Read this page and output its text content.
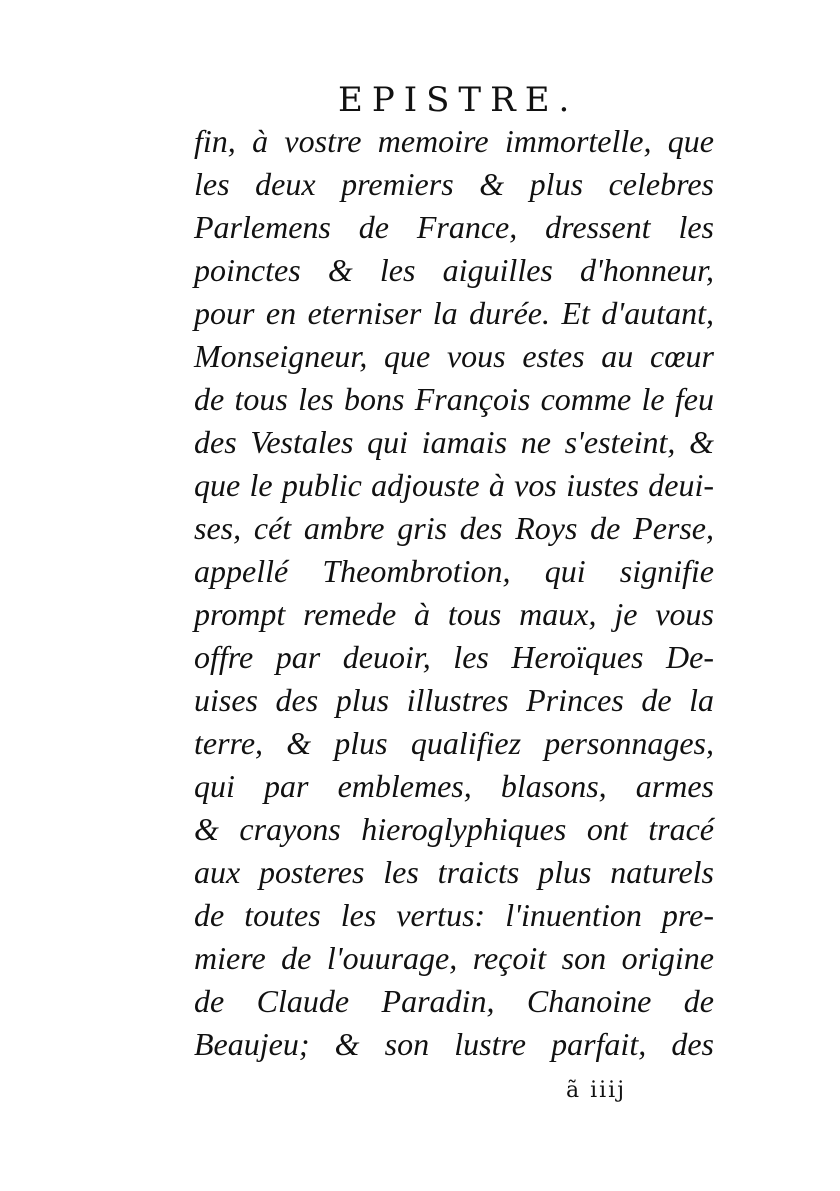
EPISTRE.
fin, à vostre memoire immortelle, que
les deux premiers & plus celebres
Parlemens de France, dressent les
poinctes & les aiguilles d'honneur,
pour en eterniser la durée. Et d'autant,
Monseigneur, que vous estes au cœur
de tous les bons François comme le feu
des Vestales qui iamais ne s'esteint, &
que le public adjouste à vos iustes deui-
ses, cét ambre gris des Roys de Perse,
appellé Theombrotion, qui signifie
prompt remede à tous maux, je vous
offre par deuoir, les Heroïques De-
uises des plus illustres Princes de la
terre, & plus qualifiez personnages,
qui par emblemes, blasons, armes
& crayons hieroglyphiques ont tracé
aux posteres les traicts plus naturels
de toutes les vertus: l'inuention pre-
miere de l'ouurage, reçoit son origine
de Claude Paradin, Chanoine de
Beaujeu; & son lustre parfait, des
ã iiij
